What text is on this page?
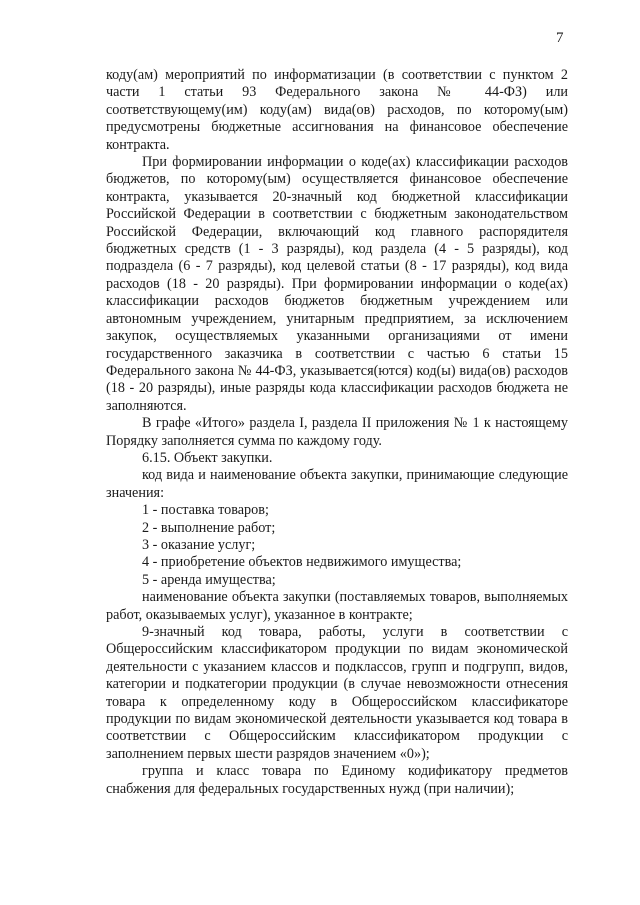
7

коду(ам) мероприятий по информатизации (в соответствии с пунктом 2 части 1 статьи 93 Федерального закона № 44-ФЗ) или соответствующему(им) коду(ам) вида(ов) расходов, по которому(ым) предусмотрены бюджетные ассигнования на финансовое обеспечение контракта.

При формировании информации о коде(ах) классификации расходов бюджетов, по которому(ым) осуществляется финансовое обеспечение контракта, указывается 20-значный код бюджетной классификации Российской Федерации в соответствии с бюджетным законодательством Российской Федерации, включающий код главного распорядителя бюджетных средств (1 - 3 разряды), код раздела (4 - 5 разряды), код подраздела (6 - 7 разряды), код целевой статьи (8 - 17 разряды), код вида расходов (18 - 20 разряды). При формировании информации о коде(ах) классификации расходов бюджетов бюджетным учреждением или автономным учреждением, унитарным предприятием, за исключением закупок, осуществляемых указанными организациями от имени государственного заказчика в соответствии с частью 6 статьи 15 Федерального закона № 44-ФЗ, указывается(ются) код(ы) вида(ов) расходов (18 - 20 разряды), иные разряды кода классификации расходов бюджета не заполняются.

В графе «Итого» раздела I, раздела II приложения № 1 к настоящему Порядку заполняется сумма по каждому году.

6.15. Объект закупки.

код вида и наименование объекта закупки, принимающие следующие значения:

1 - поставка товаров;

2 - выполнение работ;

3 - оказание услуг;

4 - приобретение объектов недвижимого имущества;

5 - аренда имущества;

наименование объекта закупки (поставляемых товаров, выполняемых работ, оказываемых услуг), указанное в контракте;

9-значный код товара, работы, услуги в соответствии с Общероссийским классификатором продукции по видам экономической деятельности с указанием классов и подклассов, групп и подгрупп, видов, категории и подкатегории продукции (в случае невозможности отнесения товара к определенному коду в Общероссийском классификаторе продукции по видам экономической деятельности указывается код товара в соответствии с Общероссийским классификатором продукции с заполнением первых шести разрядов значением «0»);

группа и класс товара по Единому кодификатору предметов снабжения для федеральных государственных нужд (при наличии);
